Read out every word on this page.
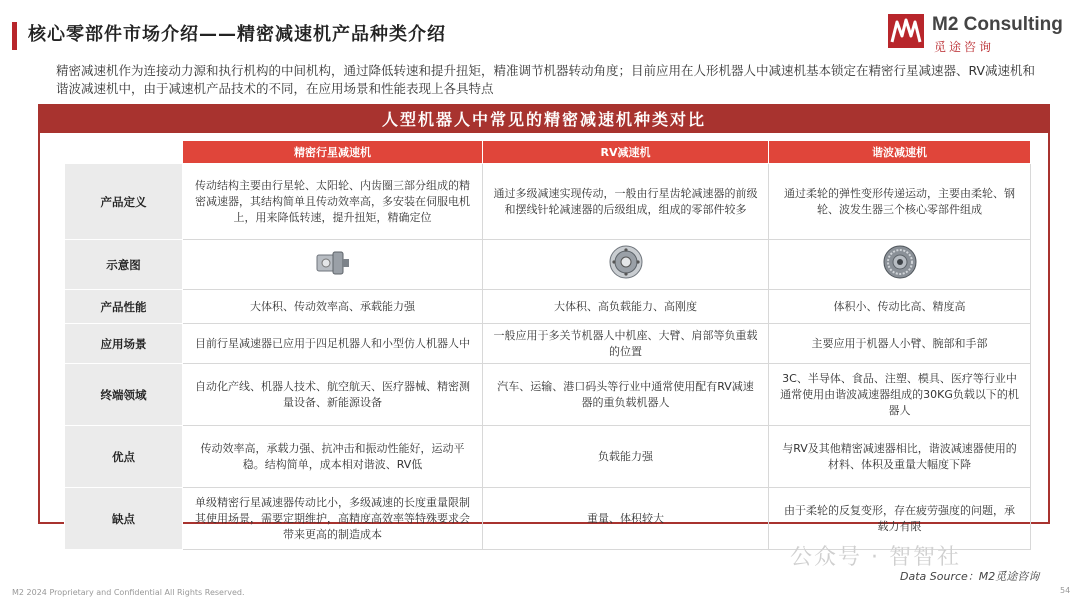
核心零部件市场介绍——精密减速机产品种类介绍	M2 Consulting
觅途咨询
精密减速机作为连接动力源和执行机构的中间机构，通过降低转速和提升扭矩，精准调节机器转动角度；目前应用在人形机器人中减速机基本锁定在精密行星减速器、RV减速机和谐波减速机中，由于减速机产品技术的不同，在应用场景和性能表现上各具特点
人型机器人中常见的精密减速机种类对比
	精密行星减速机	RV减速机	谐波减速机
产品定义	传动结构主要由行星轮、太阳轮、内齿圈三部分组成的精密减速器，其结构简单且传动效率高，多安装在伺服电机上，用来降低转速，提升扭矩，精确定位	通过多级减速实现传动，一般由行星齿轮减速器的前级和摆线针轮减速器的后级组成，组成的零部件较多	通过柔轮的弹性变形传递运动，主要由柔轮、钢轮、波发生器三个核心零部件组成
示意图			
产品性能	大体积、传动效率高、承载能力强	大体积、高负载能力、高刚度	体积小、传动比高、精度高
应用场景	目前行星减速器已应用于四足机器人和小型仿人机器人中	一般应用于多关节机器人中机座、大臂、肩部等负重载的位置	主要应用于机器人小臂、腕部和手部
终端领域	自动化产线、机器人技术、航空航天、医疗器械、精密测量设备、新能源设备	汽车、运输、港口码头等行业中通常使用配有RV减速器的重负载机器人	3C、半导体、食品、注塑、模具、医疗等行业中通常使用由谐波减速器组成的30KG负载以下的机器人
优点	传动效率高，承载力强、抗冲击和振动性能好，运动平稳。结构简单，成本相对谐波、RV低	负载能力强	与RV及其他精密减速器相比，谐波减速器使用的材料、体积及重量大幅度下降
缺点	单级精密行星减速器传动比小，多级减速的长度重量限制其使用场景，需要定期维护，高精度高效率等特殊要求会带来更高的制造成本	重量、体积较大	由于柔轮的反复变形，存在疲劳强度的问题，承载力有限
公众号 · 智智社
Data Source：M2觅途咨询
M2 2024 Proprietary and Confidential All Rights Reserved.	54
